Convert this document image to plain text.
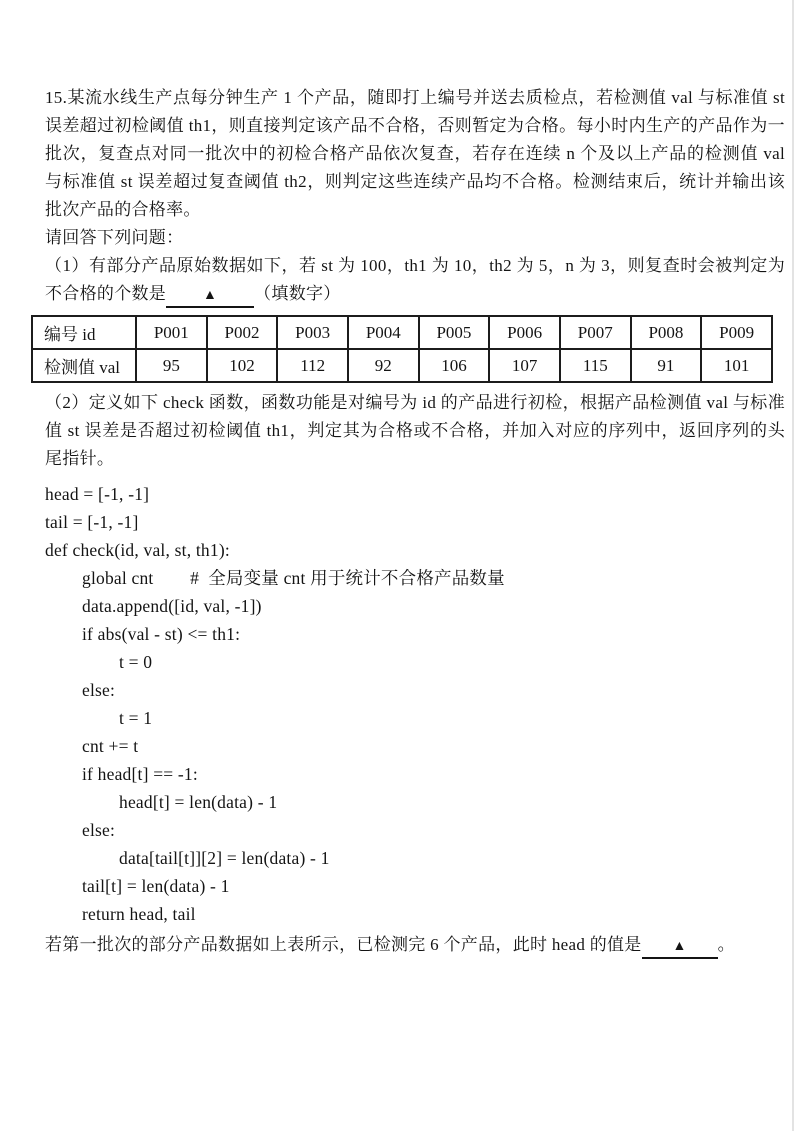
15.某流水线生产点每分钟生产 1 个产品，随即打上编号并送去质检点，若检测值 val 与标准值 st 误差超过初检阈值 th1，则直接判定该产品不合格，否则暂定为合格。每小时内生产的产品作为一批次，复查点对同一批次中的初检合格产品依次复查，若存在连续 n 个及以上产品的检测值 val 与标准值 st 误差超过复查阈值 th2，则判定这些连续产品均不合格。检测结束后，统计并输出该批次产品的合格率。

请回答下列问题：

（1）有部分产品原始数据如下，若 st 为 100，th1 为 10，th2 为 5，n 为 3，则复查时会被判定为不合格的个数是	▲ （填数字）

编号 id	P001	P002	P003	P004	P005	P006	P007	P008	P009
检测值 val	95	102	112	92	106	107	115	91	101

（2）定义如下 check 函数，函数功能是对编号为 id 的产品进行初检，根据产品检测值 val 与标准值 st 误差是否超过初检阈值 th1，判定其为合格或不合格，并加入对应的序列中，返回序列的头尾指针。

head = [-1, -1]
tail = [-1, -1]
def check(id, val, st, th1):
global cnt        #  全局变量 cnt 用于统计不合格产品数量
data.append([id, val, -1])
if abs(val - st) <= th1:
t = 0
else:
t = 1
cnt += t
if head[t] == -1:
head[t] = len(data) - 1
else:
data[tail[t]][2] = len(data) - 1
tail[t] = len(data) - 1
return head, tail

若第一批次的部分产品数据如上表所示，已检测完 6 个产品，此时 head 的值是 ▲ 。
